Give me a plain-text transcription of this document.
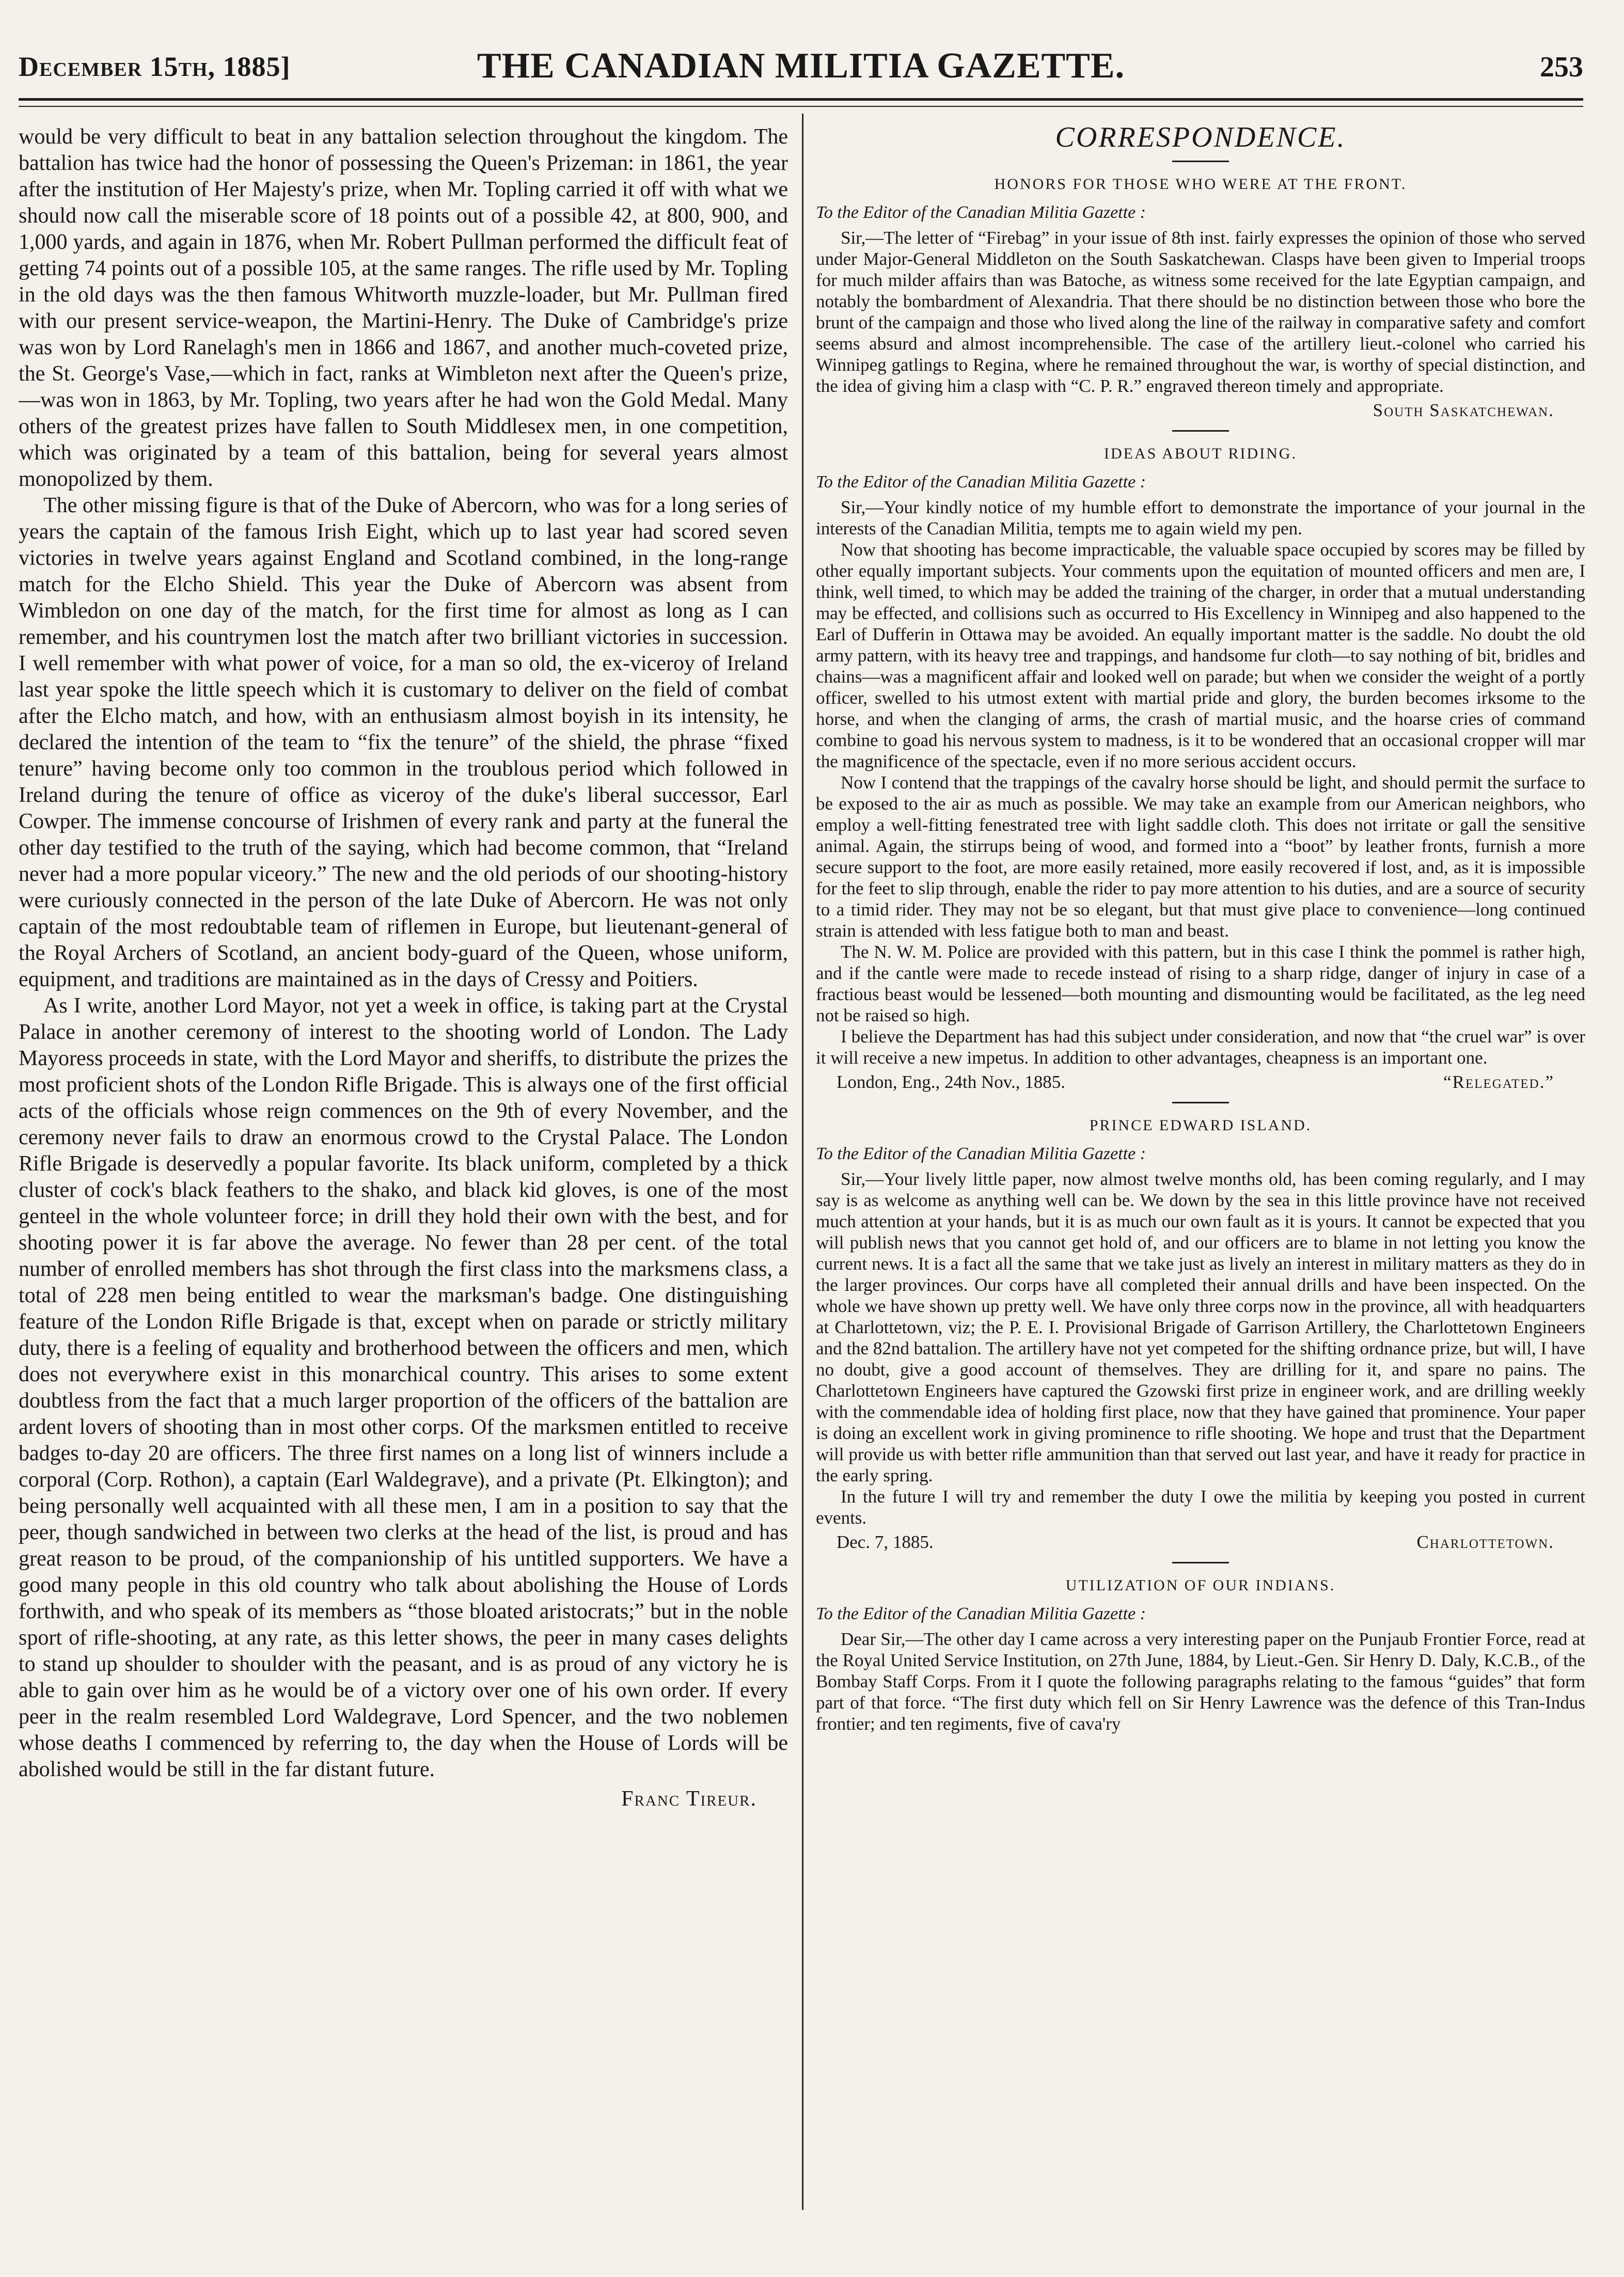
December 15th, 1885]	THE CANADIAN MILITIA GAZETTE.	253

would be very difficult to beat in any battalion selection throughout the kingdom. The battalion has twice had the honor of possessing the Queen's Prizeman: in 1861, the year after the institution of Her Majesty's prize, when Mr. Topling carried it off with what we should now call the miserable score of 18 points out of a possible 42, at 800, 900, and 1,000 yards, and again in 1876, when Mr. Robert Pullman performed the difficult feat of getting 74 points out of a possible 105, at the same ranges. The rifle used by Mr. Topling in the old days was the then famous Whitworth muzzle-loader, but Mr. Pullman fired with our present service-weapon, the Martini-Henry. The Duke of Cambridge's prize was won by Lord Ranelagh's men in 1866 and 1867, and another much-coveted prize, the St. George's Vase,—which in fact, ranks at Wimbleton next after the Queen's prize,—was won in 1863, by Mr. Topling, two years after he had won the Gold Medal. Many others of the greatest prizes have fallen to South Middlesex men, in one competition, which was originated by a team of this battalion, being for several years almost monopolized by them.

The other missing figure is that of the Duke of Abercorn, who was for a long series of years the captain of the famous Irish Eight, which up to last year had scored seven victories in twelve years against England and Scotland combined, in the long-range match for the Elcho Shield. This year the Duke of Abercorn was absent from Wimbledon on one day of the match, for the first time for almost as long as I can remember, and his countrymen lost the match after two brilliant victories in succession. I well remember with what power of voice, for a man so old, the ex-viceroy of Ireland last year spoke the little speech which it is customary to deliver on the field of combat after the Elcho match, and how, with an enthusiasm almost boyish in its intensity, he declared the intention of the team to “fix the tenure” of the shield, the phrase “fixed tenure” having become only too common in the troublous period which followed in Ireland during the tenure of office as viceroy of the duke's liberal successor, Earl Cowper. The immense concourse of Irishmen of every rank and party at the funeral the other day testified to the truth of the saying, which had become common, that “Ireland never had a more popular viceory.” The new and the old periods of our shooting-history were curiously connected in the person of the late Duke of Abercorn. He was not only captain of the most redoubtable team of riflemen in Europe, but lieutenant-general of the Royal Archers of Scotland, an ancient body-guard of the Queen, whose uniform, equipment, and traditions are maintained as in the days of Cressy and Poitiers.

As I write, another Lord Mayor, not yet a week in office, is taking part at the Crystal Palace in another ceremony of interest to the shooting world of London. The Lady Mayoress proceeds in state, with the Lord Mayor and sheriffs, to distribute the prizes the most proficient shots of the London Rifle Brigade. This is always one of the first official acts of the officials whose reign commences on the 9th of every November, and the ceremony never fails to draw an enormous crowd to the Crystal Palace. The London Rifle Brigade is deservedly a popular favorite. Its black uniform, completed by a thick cluster of cock's black feathers to the shako, and black kid gloves, is one of the most genteel in the whole volunteer force; in drill they hold their own with the best, and for shooting power it is far above the average. No fewer than 28 per cent. of the total number of enrolled members has shot through the first class into the marksmens class, a total of 228 men being entitled to wear the marksman's badge. One distinguishing feature of the London Rifle Brigade is that, except when on parade or strictly military duty, there is a feeling of equality and brotherhood between the officers and men, which does not everywhere exist in this monarchical country. This arises to some extent doubtless from the fact that a much larger proportion of the officers of the battalion are ardent lovers of shooting than in most other corps. Of the marksmen entitled to receive badges to-day 20 are officers. The three first names on a long list of winners include a corporal (Corp. Rothon), a captain (Earl Waldegrave), and a private (Pt. Elkington); and being personally well acquainted with all these men, I am in a position to say that the peer, though sandwiched in between two clerks at the head of the list, is proud and has great reason to be proud, of the companionship of his untitled supporters. We have a good many people in this old country who talk about abolishing the House of Lords forthwith, and who speak of its members as “those bloated aristocrats;” but in the noble sport of rifle-shooting, at any rate, as this letter shows, the peer in many cases delights to stand up shoulder to shoulder with the peasant, and is as proud of any victory he is able to gain over him as he would be of a victory over one of his own order. If every peer in the realm resembled Lord Waldegrave, Lord Spencer, and the two noblemen whose deaths I commenced by referring to, the day when the House of Lords will be abolished would be still in the far distant future.

Franc Tireur.
CORRESPONDENCE.
HONORS FOR THOSE WHO WERE AT THE FRONT.
To the Editor of the Canadian Militia Gazette :

Sir,—The letter of “Firebag” in your issue of 8th inst. fairly expresses the opinion of those who served under Major-General Middleton on the South Saskatchewan. Clasps have been given to Imperial troops for much milder affairs than was Batoche, as witness some received for the late Egyptian campaign, and notably the bombardment of Alexandria. That there should be no distinction between those who bore the brunt of the campaign and those who lived along the line of the railway in comparative safety and comfort seems absurd and almost incomprehensible. The case of the artillery lieut.-colonel who carried his Winnipeg gatlings to Regina, where he remained throughout the war, is worthy of special distinction, and the idea of giving him a clasp with “C. P. R.” engraved thereon timely and appropriate.

South Saskatchewan.
IDEAS ABOUT RIDING.
To the Editor of the Canadian Militia Gazette :

Sir,—Your kindly notice of my humble effort to demonstrate the importance of your journal in the interests of the Canadian Militia, tempts me to again wield my pen.

Now that shooting has become impracticable, the valuable space occupied by scores may be filled by other equally important subjects. Your comments upon the equitation of mounted officers and men are, I think, well timed, to which may be added the training of the charger, in order that a mutual understanding may be effected, and collisions such as occurred to His Excellency in Winnipeg and also happened to the Earl of Dufferin in Ottawa may be avoided. An equally important matter is the saddle. No doubt the old army pattern, with its heavy tree and trappings, and handsome fur cloth—to say nothing of bit, bridles and chains—was a magnificent affair and looked well on parade; but when we consider the weight of a portly officer, swelled to his utmost extent with martial pride and glory, the burden becomes irksome to the horse, and when the clanging of arms, the crash of martial music, and the hoarse cries of command combine to goad his nervous system to madness, is it to be wondered that an occasional cropper will mar the magnificence of the spectacle, even if no more serious accident occurs.

Now I contend that the trappings of the cavalry horse should be light, and should permit the surface to be exposed to the air as much as possible. We may take an example from our American neighbors, who employ a well-fitting fenestrated tree with light saddle cloth. This does not irritate or gall the sensitive animal. Again, the stirrups being of wood, and formed into a “boot” by leather fronts, furnish a more secure support to the foot, are more easily retained, more easily recovered if lost, and, as it is impossible for the feet to slip through, enable the rider to pay more attention to his duties, and are a source of security to a timid rider. They may not be so elegant, but that must give place to convenience—long continued strain is attended with less fatigue both to man and beast.

The N. W. M. Police are provided with this pattern, but in this case I think the pommel is rather high, and if the cantle were made to recede instead of rising to a sharp ridge, danger of injury in case of a fractious beast would be lessened—both mounting and dismounting would be facilitated, as the leg need not be raised so high.

I believe the Department has had this subject under consideration, and now that “the cruel war” is over it will receive a new impetus. In addition to other advantages, cheapness is an important one.

London, Eng., 24th Nov., 1885.	“Relegated.”
PRINCE EDWARD ISLAND.
To the Editor of the Canadian Militia Gazette :

Sir,—Your lively little paper, now almost twelve months old, has been coming regularly, and I may say is as welcome as anything well can be. We down by the sea in this little province have not received much attention at your hands, but it is as much our own fault as it is yours. It cannot be expected that you will publish news that you cannot get hold of, and our officers are to blame in not letting you know the current news. It is a fact all the same that we take just as lively an interest in military matters as they do in the larger provinces. Our corps have all completed their annual drills and have been inspected. On the whole we have shown up pretty well. We have only three corps now in the province, all with headquarters at Charlottetown, viz; the P. E. I. Provisional Brigade of Garrison Artillery, the Charlottetown Engineers and the 82nd battalion. The artillery have not yet competed for the shifting ordnance prize, but will, I have no doubt, give a good account of themselves. They are drilling for it, and spare no pains. The Charlottetown Engineers have captured the Gzowski first prize in engineer work, and are drilling weekly with the commendable idea of holding first place, now that they have gained that prominence. Your paper is doing an excellent work in giving prominence to rifle shooting. We hope and trust that the Department will provide us with better rifle ammunition than that served out last year, and have it ready for practice in the early spring.

In the future I will try and remember the duty I owe the militia by keeping you posted in current events.

Dec. 7, 1885.	Charlottetown.
UTILIZATION OF OUR INDIANS.
To the Editor of the Canadian Militia Gazette :

Dear Sir,—The other day I came across a very interesting paper on the Punjaub Frontier Force, read at the Royal United Service Institution, on 27th June, 1884, by Lieut.-Gen. Sir Henry D. Daly, K.C.B., of the Bombay Staff Corps. From it I quote the following paragraphs relating to the famous “guides” that form part of that force. “The first duty which fell on Sir Henry Lawrence was the defence of this Tran-Indus frontier; and ten regiments, five of cava'ry
